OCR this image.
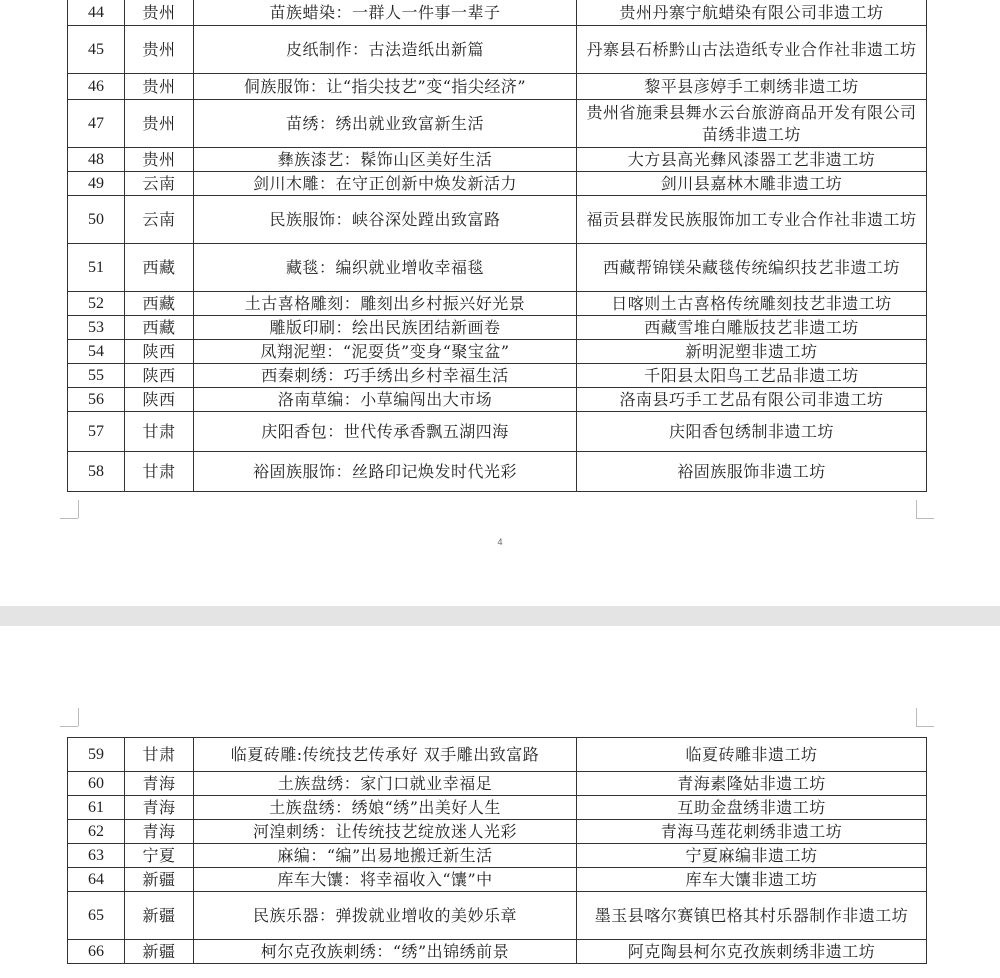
44	贵州	苗族蜡染：一群人一件事一辈子	贵州丹寨宁航蜡染有限公司非遗工坊
45	贵州	皮纸制作：古法造纸出新篇	丹寨县石桥黔山古法造纸专业合作社非遗工坊
46	贵州	侗族服饰：让“指尖技艺”变“指尖经济”	黎平县彦婷手工刺绣非遗工坊
47	贵州	苗绣：绣出就业致富新生活	贵州省施秉县舞水云台旅游商品开发有限公司苗绣非遗工坊
48	贵州	彝族漆艺：髹饰山区美好生活	大方县高光彝风漆器工艺非遗工坊
49	云南	剑川木雕：在守正创新中焕发新活力	剑川县嘉林木雕非遗工坊
50	云南	民族服饰：峡谷深处蹚出致富路	福贡县群发民族服饰加工专业合作社非遗工坊
51	西藏	藏毯：编织就业增收幸福毯	西藏帮锦镁朵藏毯传统编织技艺非遗工坊
52	西藏	土古喜格雕刻：雕刻出乡村振兴好光景	日喀则土古喜格传统雕刻技艺非遗工坊
53	西藏	雕版印刷：绘出民族团结新画卷	西藏雪堆白雕版技艺非遗工坊
54	陕西	凤翔泥塑：“泥耍货”变身“聚宝盆”	新明泥塑非遗工坊
55	陕西	西秦刺绣：巧手绣出乡村幸福生活	千阳县太阳鸟工艺品非遗工坊
56	陕西	洛南草编：小草编闯出大市场	洛南县巧手工艺品有限公司非遗工坊
57	甘肃	庆阳香包：世代传承香飘五湖四海	庆阳香包绣制非遗工坊
58	甘肃	裕固族服饰：丝路印记焕发时代光彩	裕固族服饰非遗工坊
4
59	甘肃	临夏砖雕:传统技艺传承好 双手雕出致富路	临夏砖雕非遗工坊
60	青海	土族盘绣：家门口就业幸福足	青海素隆姑非遗工坊
61	青海	土族盘绣：绣娘“绣”出美好人生	互助金盘绣非遗工坊
62	青海	河湟刺绣：让传统技艺绽放迷人光彩	青海马莲花刺绣非遗工坊
63	宁夏	麻编：“编”出易地搬迁新生活	宁夏麻编非遗工坊
64	新疆	库车大馕：将幸福收入“馕”中	库车大馕非遗工坊
65	新疆	民族乐器：弹拨就业增收的美妙乐章	墨玉县喀尔赛镇巴格其村乐器制作非遗工坊
66	新疆	柯尔克孜族刺绣：“绣”出锦绣前景	阿克陶县柯尔克孜族刺绣非遗工坊
